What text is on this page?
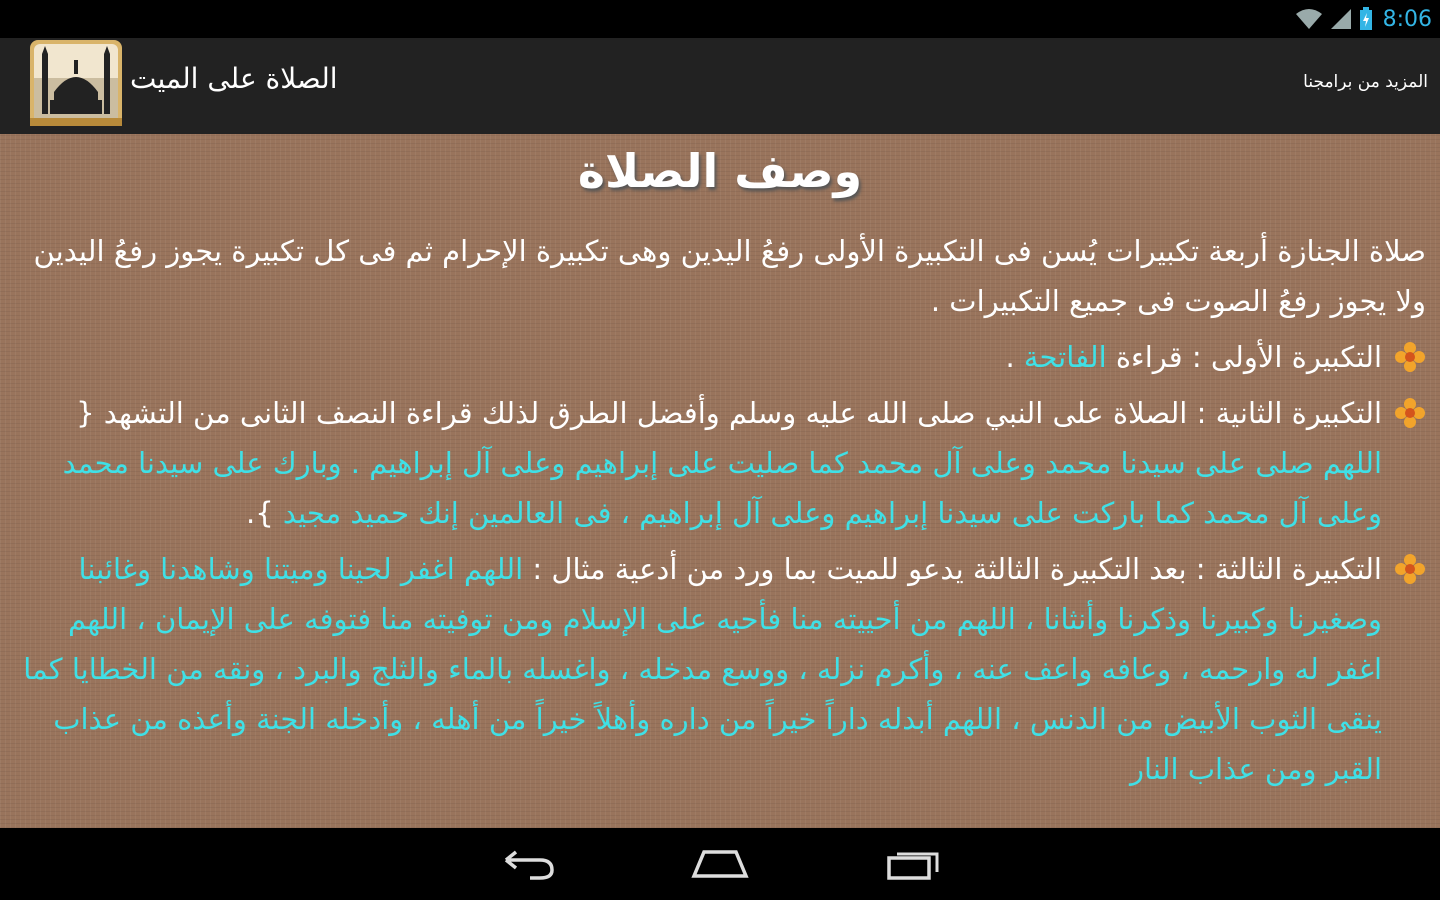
8:06
الصلاة على الميت	المزيد من برامجنا
وصف الصلاة

صلاة الجنازة أربعة تكبيرات يُسن فى التكبيرة الأولى رفعُ اليدين وهى تكبيرة الإحرام ثم فى كل تكبيرة يجوز رفعُ اليدين ولا يجوز رفعُ الصوت فى جميع التكبيرات .

التكبيرة الأولى : قراءة الفاتحة .

التكبيرة الثانية : الصلاة على النبي صلى الله عليه وسلم وأفضل الطرق لذلك قراءة النصف الثانى من التشهد { اللهم صلى على سيدنا محمد وعلى آل محمد كما صليت على إبراهيم وعلى آل إبراهيم . وبارك على سيدنا محمد وعلى آل محمد كما باركت على سيدنا إبراهيم وعلى آل إبراهيم ، فى العالمين إنك حميد مجيد }.

التكبيرة الثالثة : بعد التكبيرة الثالثة يدعو للميت بما ورد من أدعية مثال : اللهم اغفر لحينا وميتنا وشاهدنا وغائبنا وصغيرنا وكبيرنا وذكرنا وأنثانا ، اللهم من أحييته منا فأحيه على الإسلام ومن توفيته منا فتوفه على الإيمان ، اللهم اغفر له وارحمه ، وعافه واعف عنه ، وأكرم نزله ، ووسع مدخله ، واغسله بالماء والثلج والبرد ، ونقه من الخطايا كما ينقى الثوب الأبيض من الدنس ، اللهم أبدله داراً خيراً من داره وأهلاً خيراً من أهله ، وأدخله الجنة وأعذه من عذاب القبر ومن عذاب النار
